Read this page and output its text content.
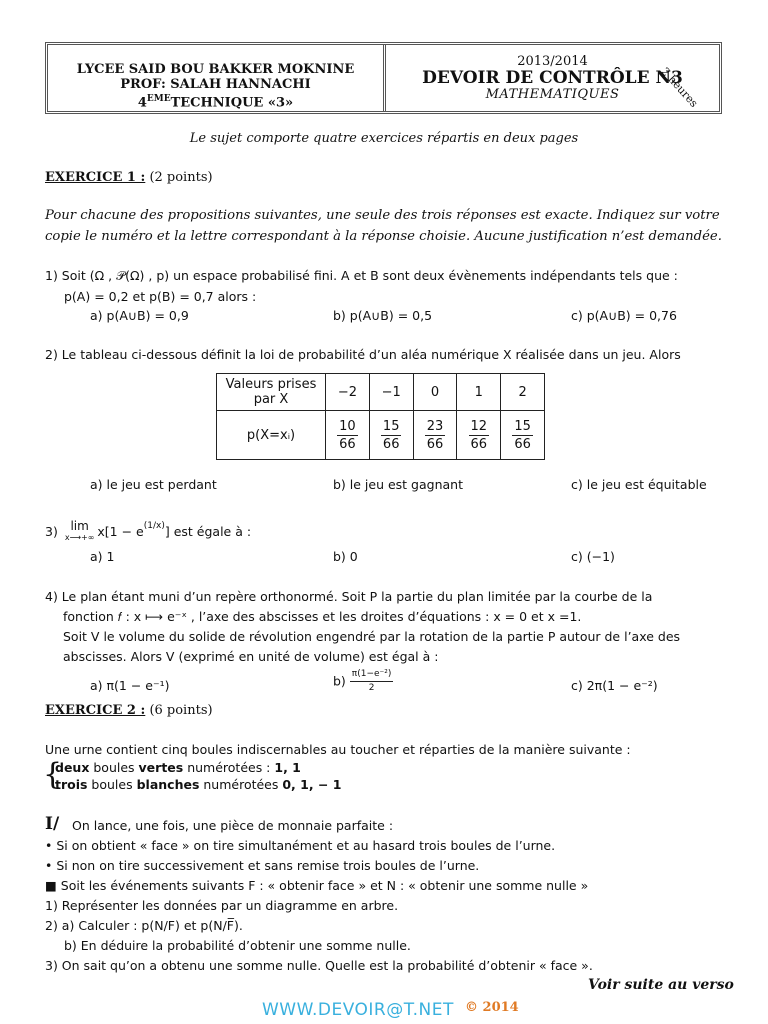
LYCEE SAID BOU BAKKER MOKNINE
PROF: SALAH HANNACHI
4EMETECHNIQUE «3»
2013/2014
DEVOIR DE CONTRÔLE N3
MATHEMATIQUES	2 heures
Le sujet comporte quatre exercices répartis en deux pages
EXERCICE 1 : (2 points)
Pour chacune des propositions suivantes, une seule des trois réponses est exacte. Indiquez sur votre
copie le numéro et la lettre correspondant à la réponse choisie. Aucune justification n’est demandée.
1) Soit (Ω , 𝒫(Ω) , p) un espace probabilisé fini. A et B sont deux évènements indépendants tels que :
p(A) = 0,2 et p(B) = 0,7 alors :
a) p(A∪B) = 0,9	b) p(A∪B) = 0,5	c) p(A∪B) = 0,76
2) Le tableau ci-dessous définit la loi de probabilité d’un aléa numérique X réalisée dans un jeu. Alors
Valeurs prises
par X	−2	−1	0	1	2
p(X=xᵢ)	$\frac{10}{66}$	$\frac{15}{66}$	$\frac{23}{66}$	$\frac{12}{66}$	$\frac{15}{66}$
a) le jeu est perdant	b) le jeu est gagnant	c) le jeu est équitable
3)	lim
x⟶+∞ $x[1 - e^{(1/x)}]$ est égale à :
a) 1	b) 0	c) (−1)
4) Le plan étant muni d’un repère orthonormé. Soit P la partie du plan limitée par la courbe de la
fonction 𝑓 : x ⟼ e⁻ˣ , l’axe des abscisses et les droites d’équations : x = 0 et x =1.
Soit V le volume du solide de révolution engendré par la rotation de la partie P autour de l’axe des
abscisses. Alors V (exprimé en unité de volume) est égal à :
a) π(1 − e⁻¹)	$b) \frac{\text{π(1−e⁻²)}}{2}$	c) 2π(1 − e⁻²)
EXERCICE 2 : (6 points)
Une urne contient cinq boules indiscernables au toucher et réparties de la manière suivante :
{
deux boules vertes numérotées : 1, 1
trois boules blanches numérotées 0, 1, − 1
I/ On lance, une fois, une pièce de monnaie parfaite :
• Si on obtient « face » on tire simultanément et au hasard trois boules de l’urne.
• Si non on tire successivement et sans remise trois boules de l’urne.
■ Soit les événements suivants F : « obtenir face » et N : « obtenir une somme nulle »
1) Représenter les données par un diagramme en arbre.
2) a) Calculer : p(N/F) et p(N/F̅).
b) En déduire la probabilité d’obtenir une somme nulle.
3) On sait qu’on a obtenu une somme nulle. Quelle est la probabilité d’obtenir « face ».
Voir suite au verso
WWW.DEVOIR@T.NET © 2014
